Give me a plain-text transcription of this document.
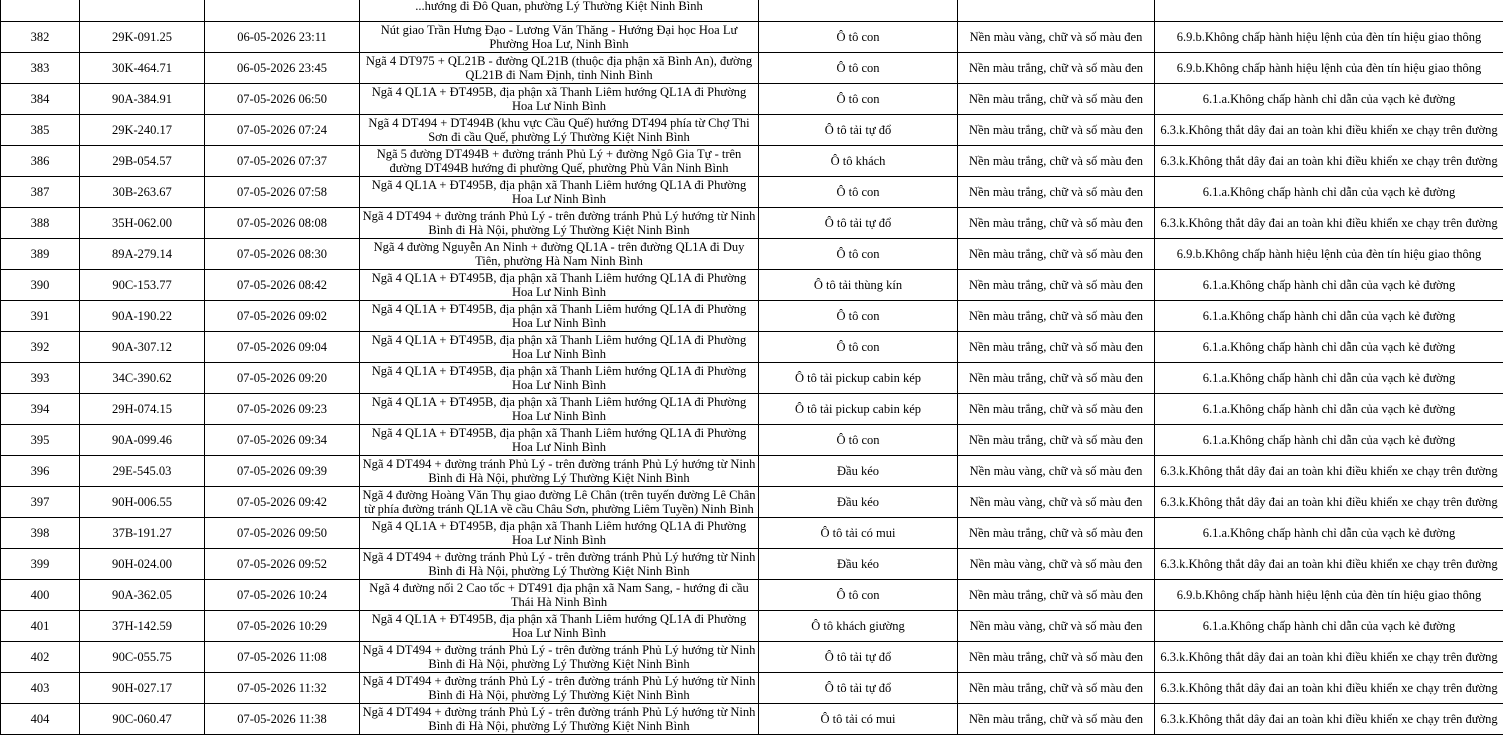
			...hướng đi Đô Quan, phường Lý Thường Kiệt Ninh Bình			
382	29K-091.25	06-05-2026 23:11	Nút giao Trần Hưng Đạo - Lương Văn Thăng - Hướng Đại học Hoa Lư Phường Hoa Lư, Ninh Bình	Ô tô con	Nền màu vàng, chữ và số màu đen	6.9.b.Không chấp hành hiệu lệnh của đèn tín hiệu giao thông
383	30K-464.71	06-05-2026 23:45	Ngã 4 DT975 + QL21B - đường QL21B (thuộc địa phận xã Bình An), đường QL21B đi Nam Định, tỉnh Ninh Bình	Ô tô con	Nền màu trắng, chữ và số màu đen	6.9.b.Không chấp hành hiệu lệnh của đèn tín hiệu giao thông
384	90A-384.91	07-05-2026 06:50	Ngã 4 QL1A + ĐT495B, địa phận xã Thanh Liêm hướng QL1A đi Phường Hoa Lư Ninh Bình	Ô tô con	Nền màu trắng, chữ và số màu đen	6.1.a.Không chấp hành chỉ dẫn của vạch kẻ đường
385	29K-240.17	07-05-2026 07:24	Ngã 4 DT494 + DT494B (khu vực Cầu Quế) hướng DT494 phía từ Chợ Thi Sơn đi cầu Quế, phường Lý Thường Kiệt Ninh Bình	Ô tô tải tự đổ	Nền màu trắng, chữ và số màu đen	6.3.k.Không thắt dây đai an toàn khi điều khiển xe chạy trên đường
386	29B-054.57	07-05-2026 07:37	Ngã 5 đường DT494B + đường tránh Phủ Lý + đường Ngô Gia Tự - trên đường DT494B hướng đi phường Quế, phường Phù Vân Ninh Bình	Ô tô khách	Nền màu trắng, chữ và số màu đen	6.3.k.Không thắt dây đai an toàn khi điều khiển xe chạy trên đường
387	30B-263.67	07-05-2026 07:58	Ngã 4 QL1A + ĐT495B, địa phận xã Thanh Liêm hướng QL1A đi Phường Hoa Lư Ninh Bình	Ô tô con	Nền màu trắng, chữ và số màu đen	6.1.a.Không chấp hành chỉ dẫn của vạch kẻ đường
388	35H-062.00	07-05-2026 08:08	Ngã 4 DT494 + đường tránh Phủ Lý - trên đường tránh Phủ Lý hướng từ Ninh Bình đi Hà Nội, phường Lý Thường Kiệt Ninh Bình	Ô tô tải tự đổ	Nền màu trắng, chữ và số màu đen	6.3.k.Không thắt dây đai an toàn khi điều khiển xe chạy trên đường
389	89A-279.14	07-05-2026 08:30	Ngã 4 đường Nguyễn An Ninh + đường QL1A - trên đường QL1A đi Duy Tiên, phường Hà Nam Ninh Bình	Ô tô con	Nền màu trắng, chữ và số màu đen	6.9.b.Không chấp hành hiệu lệnh của đèn tín hiệu giao thông
390	90C-153.77	07-05-2026 08:42	Ngã 4 QL1A + ĐT495B, địa phận xã Thanh Liêm hướng QL1A đi Phường Hoa Lư Ninh Bình	Ô tô tải thùng kín	Nền màu trắng, chữ và số màu đen	6.1.a.Không chấp hành chỉ dẫn của vạch kẻ đường
391	90A-190.22	07-05-2026 09:02	Ngã 4 QL1A + ĐT495B, địa phận xã Thanh Liêm hướng QL1A đi Phường Hoa Lư Ninh Bình	Ô tô con	Nền màu trắng, chữ và số màu đen	6.1.a.Không chấp hành chỉ dẫn của vạch kẻ đường
392	90A-307.12	07-05-2026 09:04	Ngã 4 QL1A + ĐT495B, địa phận xã Thanh Liêm hướng QL1A đi Phường Hoa Lư Ninh Bình	Ô tô con	Nền màu trắng, chữ và số màu đen	6.1.a.Không chấp hành chỉ dẫn của vạch kẻ đường
393	34C-390.62	07-05-2026 09:20	Ngã 4 QL1A + ĐT495B, địa phận xã Thanh Liêm hướng QL1A đi Phường Hoa Lư Ninh Bình	Ô tô tải pickup cabin kép	Nền màu trắng, chữ và số màu đen	6.1.a.Không chấp hành chỉ dẫn của vạch kẻ đường
394	29H-074.15	07-05-2026 09:23	Ngã 4 QL1A + ĐT495B, địa phận xã Thanh Liêm hướng QL1A đi Phường Hoa Lư Ninh Bình	Ô tô tải pickup cabin kép	Nền màu trắng, chữ và số màu đen	6.1.a.Không chấp hành chỉ dẫn của vạch kẻ đường
395	90A-099.46	07-05-2026 09:34	Ngã 4 QL1A + ĐT495B, địa phận xã Thanh Liêm hướng QL1A đi Phường Hoa Lư Ninh Bình	Ô tô con	Nền màu trắng, chữ và số màu đen	6.1.a.Không chấp hành chỉ dẫn của vạch kẻ đường
396	29E-545.03	07-05-2026 09:39	Ngã 4 DT494 + đường tránh Phủ Lý - trên đường tránh Phủ Lý hướng từ Ninh Bình đi Hà Nội, phường Lý Thường Kiệt Ninh Bình	Đầu kéo	Nền màu vàng, chữ và số màu đen	6.3.k.Không thắt dây đai an toàn khi điều khiển xe chạy trên đường
397	90H-006.55	07-05-2026 09:42	Ngã 4 đường Hoàng Văn Thụ giao đường Lê Chân (trên tuyến đường Lê Chân từ phía đường tránh QL1A về cầu Châu Sơn, phường Liêm Tuyền) Ninh Bình	Đầu kéo	Nền màu vàng, chữ và số màu đen	6.3.k.Không thắt dây đai an toàn khi điều khiển xe chạy trên đường
398	37B-191.27	07-05-2026 09:50	Ngã 4 QL1A + ĐT495B, địa phận xã Thanh Liêm hướng QL1A đi Phường Hoa Lư Ninh Bình	Ô tô tải có mui	Nền màu trắng, chữ và số màu đen	6.1.a.Không chấp hành chỉ dẫn của vạch kẻ đường
399	90H-024.00	07-05-2026 09:52	Ngã 4 DT494 + đường tránh Phủ Lý - trên đường tránh Phủ Lý hướng từ Ninh Bình đi Hà Nội, phường Lý Thường Kiệt Ninh Bình	Đầu kéo	Nền màu vàng, chữ và số màu đen	6.3.k.Không thắt dây đai an toàn khi điều khiển xe chạy trên đường
400	90A-362.05	07-05-2026 10:24	Ngã 4 đường nối 2 Cao tốc + DT491 địa phận xã Nam Sang, - hướng đi cầu Thái Hà Ninh Bình	Ô tô con	Nền màu trắng, chữ và số màu đen	6.9.b.Không chấp hành hiệu lệnh của đèn tín hiệu giao thông
401	37H-142.59	07-05-2026 10:29	Ngã 4 QL1A + ĐT495B, địa phận xã Thanh Liêm hướng QL1A đi Phường Hoa Lư Ninh Bình	Ô tô khách giường	Nền màu vàng, chữ và số màu đen	6.1.a.Không chấp hành chỉ dẫn của vạch kẻ đường
402	90C-055.75	07-05-2026 11:08	Ngã 4 DT494 + đường tránh Phủ Lý - trên đường tránh Phủ Lý hướng từ Ninh Bình đi Hà Nội, phường Lý Thường Kiệt Ninh Bình	Ô tô tải tự đổ	Nền màu trắng, chữ và số màu đen	6.3.k.Không thắt dây đai an toàn khi điều khiển xe chạy trên đường
403	90H-027.17	07-05-2026 11:32	Ngã 4 DT494 + đường tránh Phủ Lý - trên đường tránh Phủ Lý hướng từ Ninh Bình đi Hà Nội, phường Lý Thường Kiệt Ninh Bình	Ô tô tải tự đổ	Nền màu trắng, chữ và số màu đen	6.3.k.Không thắt dây đai an toàn khi điều khiển xe chạy trên đường
404	90C-060.47	07-05-2026 11:38	Ngã 4 DT494 + đường tránh Phủ Lý - trên đường tránh Phủ Lý hướng từ Ninh Bình đi Hà Nội, phường Lý Thường Kiệt Ninh Bình	Ô tô tải có mui	Nền màu trắng, chữ và số màu đen	6.3.k.Không thắt dây đai an toàn khi điều khiển xe chạy trên đường
